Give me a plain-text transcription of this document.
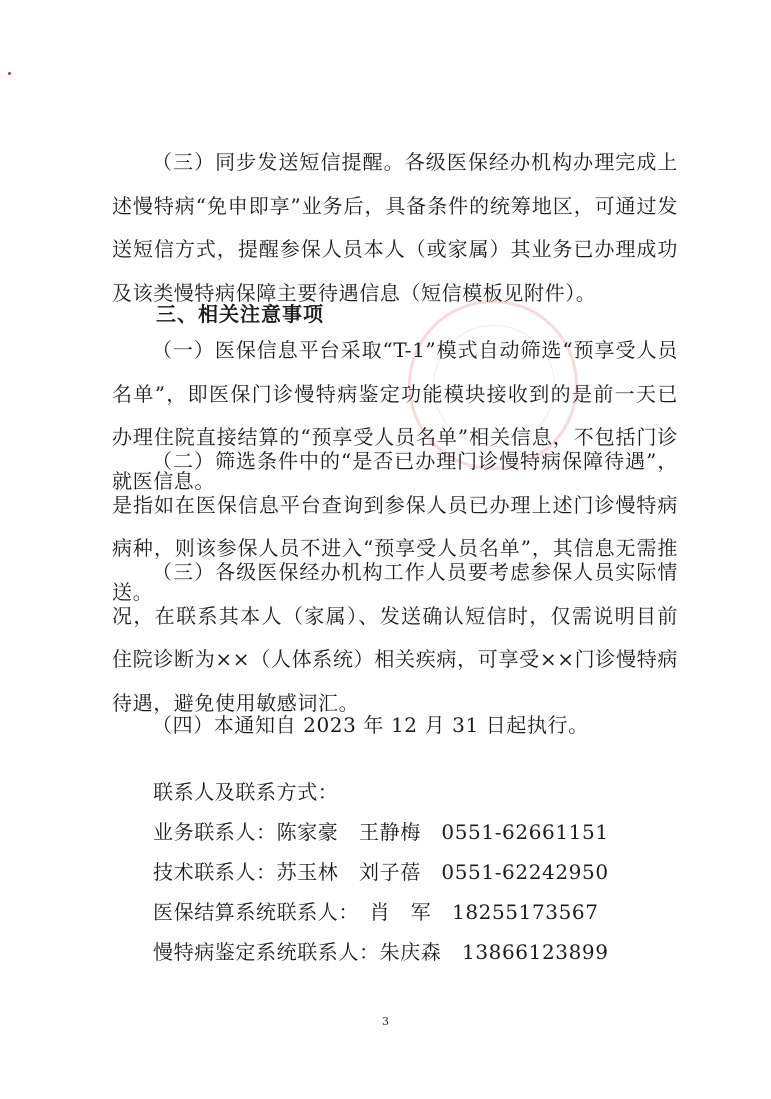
（三）同步发送短信提醒。各级医保经办机构办理完成上述慢特病“免申即享”业务后，具备条件的统筹地区，可通过发送短信方式，提醒参保人员本人（或家属）其业务已办理成功及该类慢特病保障主要待遇信息（短信模板见附件）。

三、相关注意事项

（一）医保信息平台采取“T-1”模式自动筛选“预享受人员名单”，即医保门诊慢特病鉴定功能模块接收到的是前一天已办理住院直接结算的“预享受人员名单”相关信息，不包括门诊就医信息。

（二）筛选条件中的“是否已办理门诊慢特病保障待遇”，是指如在医保信息平台查询到参保人员已办理上述门诊慢特病病种，则该参保人员不进入“预享受人员名单”，其信息无需推送。

（三）各级医保经办机构工作人员要考虑参保人员实际情况，在联系其本人（家属）、发送确认短信时，仅需说明目前住院诊断为××（人体系统）相关疾病，可享受××门诊慢特病待遇，避免使用敏感词汇。

（四）本通知自 2023 年 12 月 31 日起执行。

联系人及联系方式：

业务联系人：陈家豪　王静梅　0551-62661151

技术联系人：苏玉林　刘子蓓　0551-62242950

医保结算系统联系人：　肖　军　18255173567

慢特病鉴定系统联系人：朱庆森　13866123899

3
